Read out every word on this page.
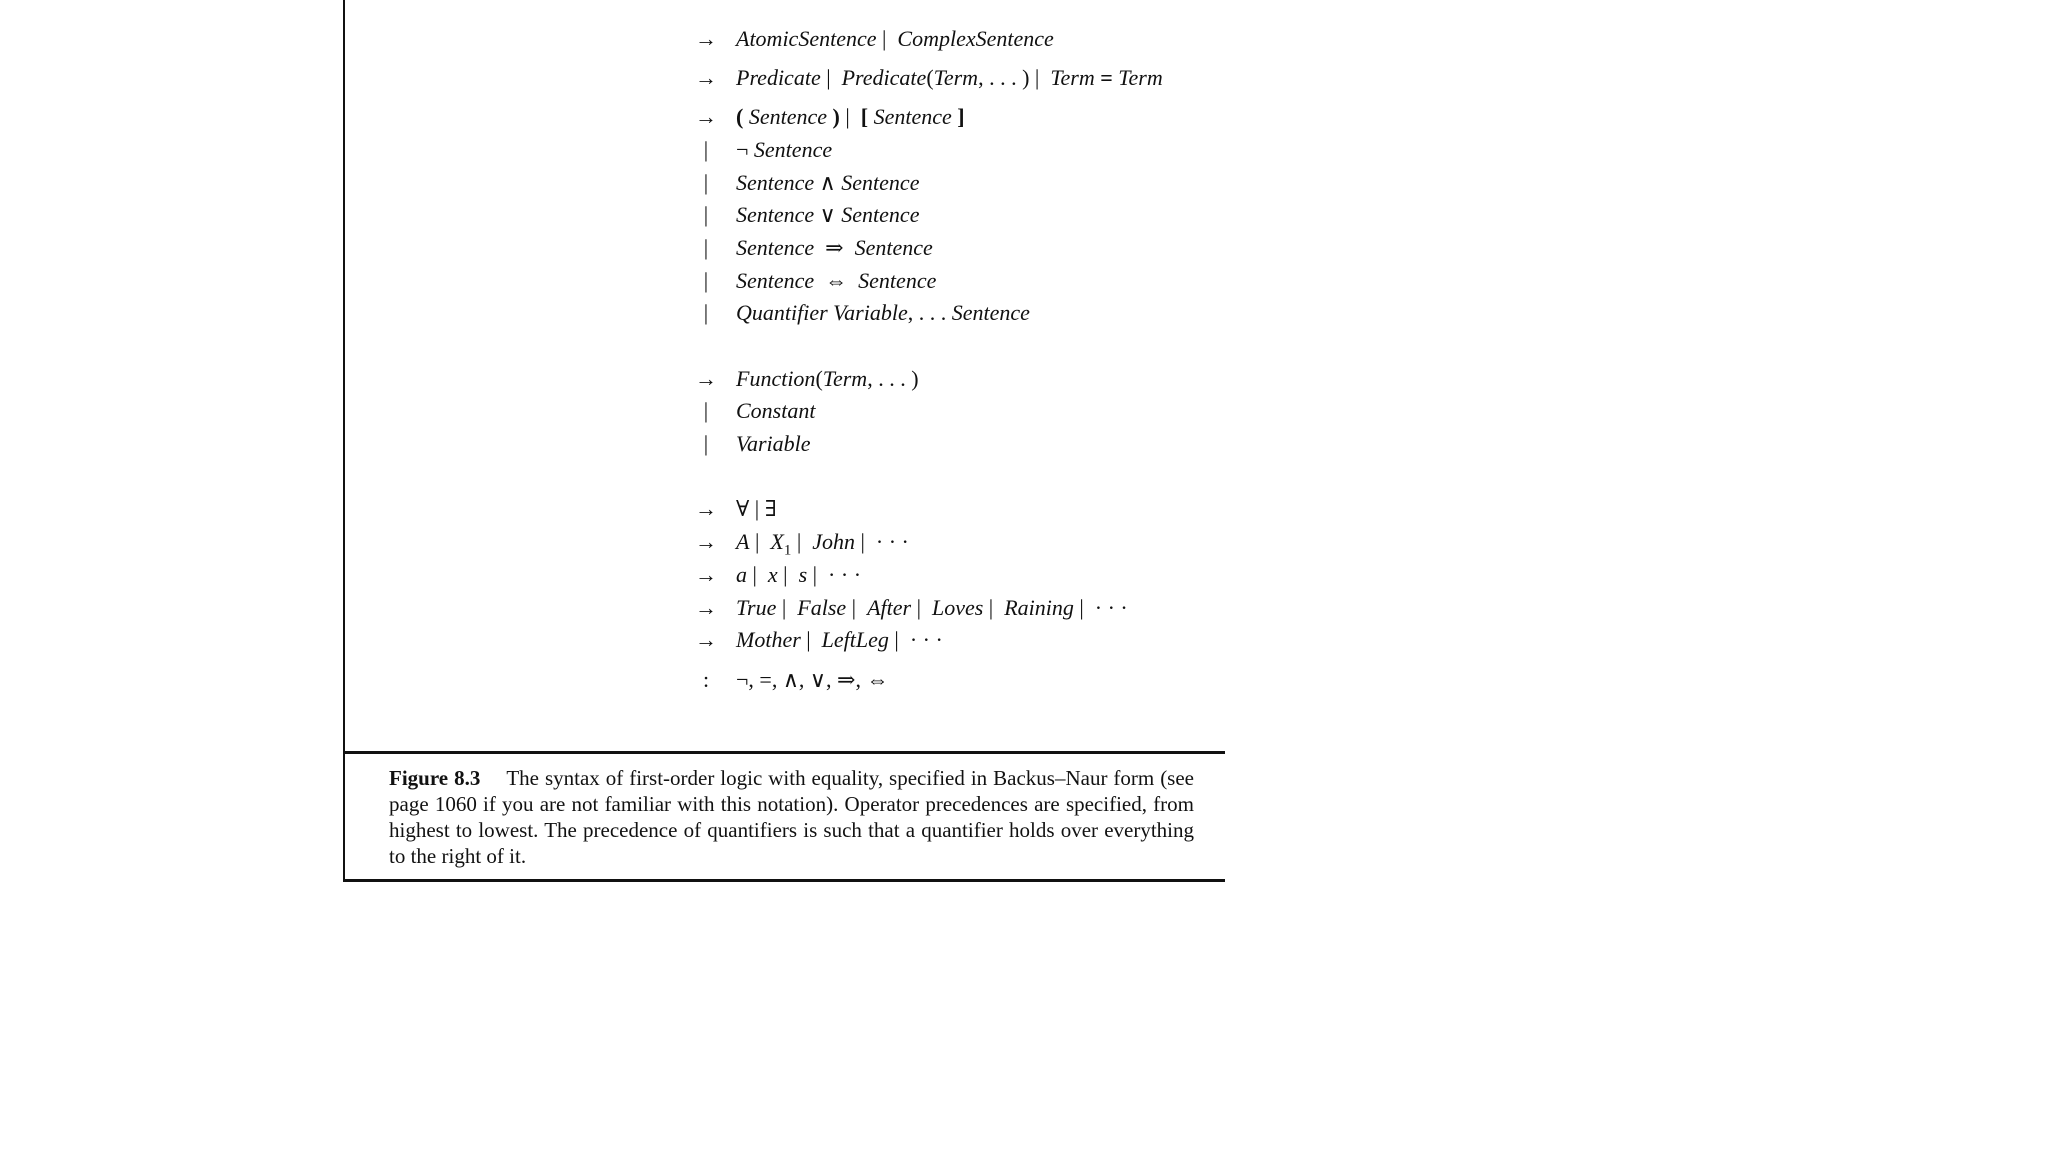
→ AtomicSentence | ComplexSentence
→ Predicate | Predicate(Term, . . . ) | Term = Term
→ ( Sentence ) | [ Sentence ]
|	¬ Sentence
|	Sentence ∧ Sentence
|	Sentence ∨ Sentence
|	Sentence ⇒ Sentence
|	Sentence ⇔ Sentence
|	Quantifier Variable, . . . Sentence
→ Function(Term, . . . )
|	Constant
|	Variable
→ ∀ | ∃
→ A | $X_1$ | John | · · ·
→ a | x | s | · · ·
→ True | False | After | Loves | Raining | · · ·
→ Mother | LeftLeg | · · ·
:	¬, =, ∧, ∨, ⇒, ⇔
Figure 8.3 The syntax of first-order logic with equality, specified in Backus–Naur form (see page 1060 if you are not familiar with this notation). Operator precedences are specified, from highest to lowest. The precedence of quantifiers is such that a quantifier holds over everything to the right of it.
